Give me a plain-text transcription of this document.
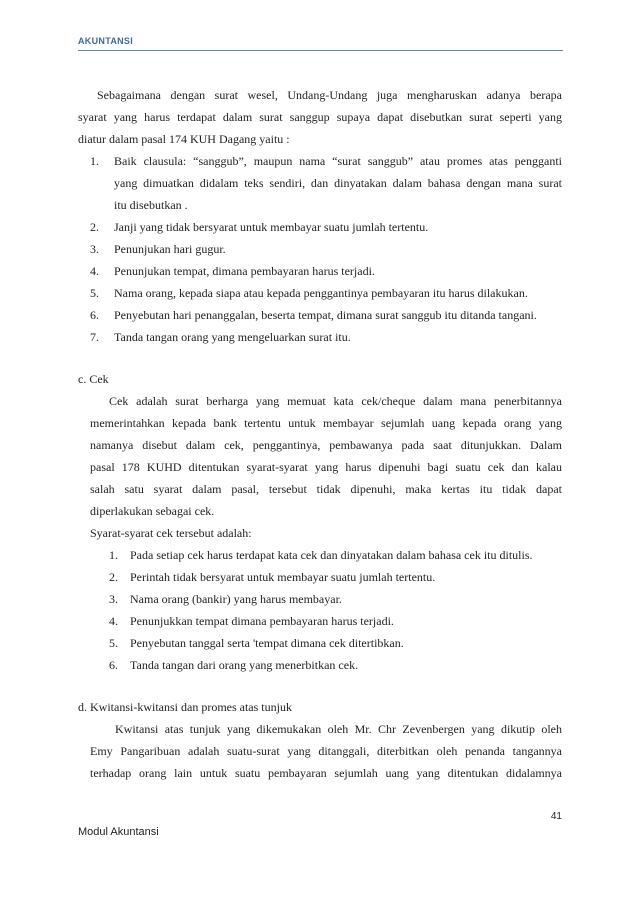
AKUNTANSI
Sebagaimana dengan surat wesel, Undang-Undang juga mengharuskan adanya berapa
syarat yang harus terdapat dalam surat sanggup supaya dapat disebutkan surat seperti yang
diatur dalam pasal 174 KUH Dagang yaitu :
1.	Baik clausula: “sanggub”, maupun nama “surat sanggub” atau promes atas pengganti
yang dimuatkan didalam teks sendiri, dan dinyatakan dalam bahasa dengan mana surat
itu disebutkan .
2.	Janji yang tidak bersyarat untuk membayar suatu jumlah tertentu.
3.	Penunjukan hari gugur.
4.	Penunjukan tempat, dimana pembayaran harus terjadi.
5.	Nama orang, kepada siapa atau kepada penggantinya pembayaran itu harus dilakukan.
6.	Penyebutan hari penanggalan, beserta tempat, dimana surat sanggub itu ditanda tangani.
7.	Tanda tangan orang yang mengeluarkan surat itu.
c. Cek
Cek adalah surat berharga yang memuat kata cek/cheque dalam mana penerbitannya
memerintahkan kepada bank tertentu untuk membayar sejumlah uang kepada orang yang
namanya disebut dalam cek, penggantinya, pembawanya pada saat ditunjukkan. Dalam
pasal 178 KUHD ditentukan syarat-syarat yang harus dipenuhi bagi suatu cek dan kalau
salah satu syarat dalam pasal, tersebut tidak dipenuhi, maka kertas itu tidak dapat
diperlakukan sebagai cek.
Syarat-syarat cek tersebut adalah:
1.	Pada setiap cek harus terdapat kata cek dan dinyatakan dalam bahasa cek itu ditulis.
2.	Perintah tidak bersyarat untuk membayar suatu jumlah tertentu.
3.	Nama orang (bankir) yang harus membayar.
4.	Penunjukkan tempat dimana pembayaran harus terjadi.
5.	Penyebutan tanggal serta 'tempat dimana cek ditertibkan.
6.	Tanda tangan dari orang yang menerbitkan cek.
d. Kwitansi-kwitansi dan promes atas tunjuk
Kwitansi atas tunjuk yang dikemukakan oleh Mr. Chr Zevenbergen yang dikutip oleh
Emy Pangaribuan adalah suatu-surat yang ditanggali, diterbitkan oleh penanda tangannya
terhadap orang lain untuk suatu pembayaran sejumlah uang yang ditentukan didalamnya
41
Modul Akuntansi
